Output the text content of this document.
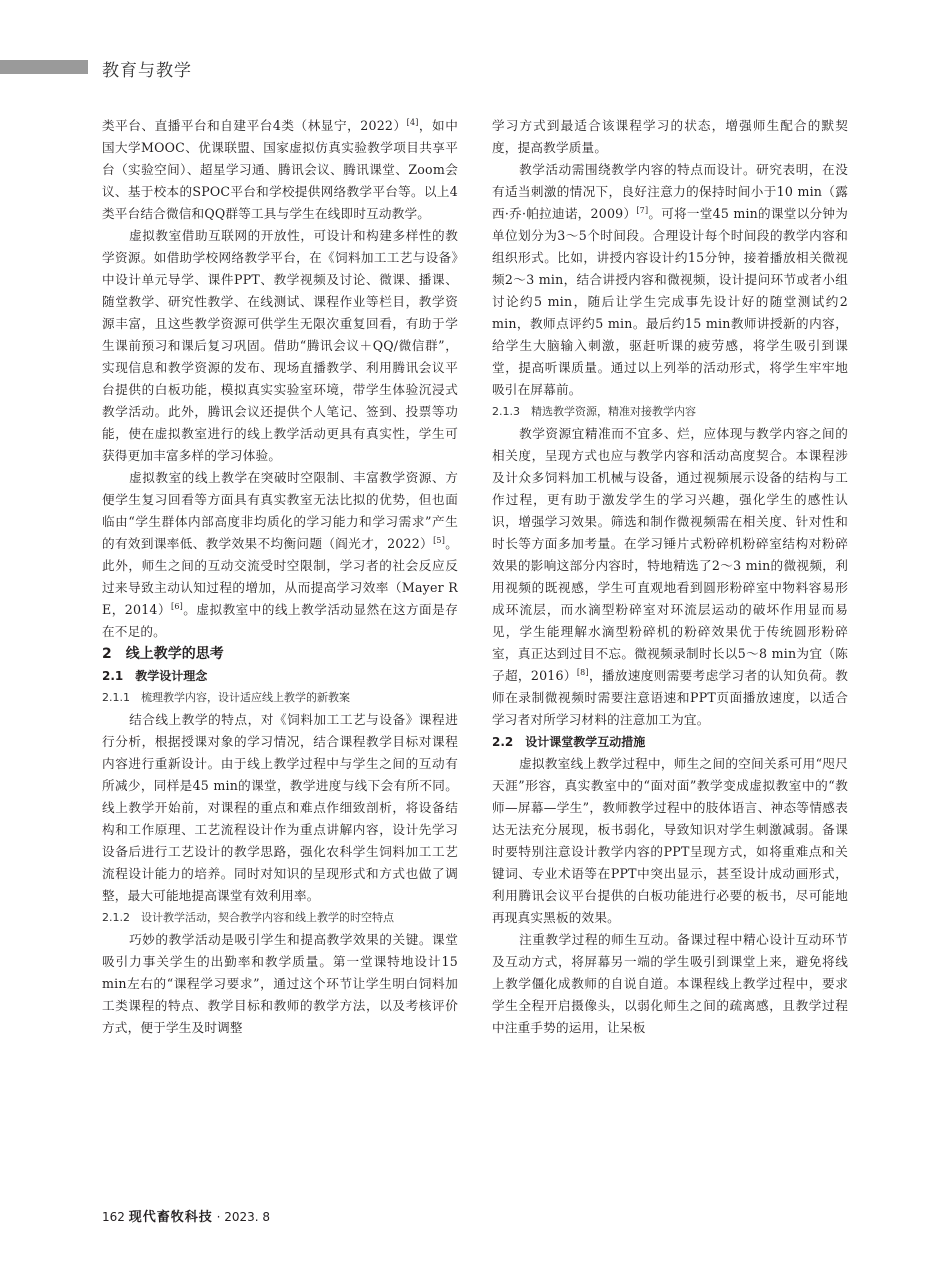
教育与教学

类平台、直播平台和自建平台4类（林显宁，2022）[4]，如中国大学MOOC、优课联盟、国家虚拟仿真实验教学项目共享平台（实验空间）、超星学习通、腾讯会议、腾讯课堂、Zoom会议、基于校本的SPOC平台和学校提供网络教学平台等。以上4类平台结合微信和QQ群等工具与学生在线即时互动教学。

虚拟教室借助互联网的开放性，可设计和构建多样性的教学资源。如借助学校网络教学平台，在《饲料加工工艺与设备》中设计单元导学、课件PPT、教学视频及讨论、微课、播课、随堂教学、研究性教学、在线测试、课程作业等栏目，教学资源丰富，且这些教学资源可供学生无限次重复回看，有助于学生课前预习和课后复习巩固。借助“腾讯会议＋QQ/微信群”，实现信息和教学资源的发布、现场直播教学、利用腾讯会议平台提供的白板功能，模拟真实实验室环境，带学生体验沉浸式教学活动。此外，腾讯会议还提供个人笔记、签到、投票等功能，使在虚拟教室进行的线上教学活动更具有真实性，学生可获得更加丰富多样的学习体验。

虚拟教室的线上教学在突破时空限制、丰富教学资源、方便学生复习回看等方面具有真实教室无法比拟的优势，但也面临由“学生群体内部高度非均质化的学习能力和学习需求”产生的有效到课率低、教学效果不均衡问题（阎光才，2022）[5]。此外，师生之间的互动交流受时空限制，学习者的社会反应反过来导致主动认知过程的增加，从而提高学习效率（Mayer R E，2014）[6]。虚拟教室中的线上教学活动显然在这方面是存在不足的。

2　线上教学的思考
2.1　教学设计理念
2.1.1　梳理教学内容，设计适应线上教学的新教案

结合线上教学的特点，对《饲料加工工艺与设备》课程进行分析，根据授课对象的学习情况，结合课程教学目标对课程内容进行重新设计。由于线上教学过程中与学生之间的互动有所减少，同样是45 min的课堂，教学进度与线下会有所不同。线上教学开始前，对课程的重点和难点作细致剖析，将设备结构和工作原理、工艺流程设计作为重点讲解内容，设计先学习设备后进行工艺设计的教学思路，强化农科学生饲料加工工艺流程设计能力的培养。同时对知识的呈现形式和方式也做了调整，最大可能地提高课堂有效利用率。

2.1.2　设计教学活动，契合教学内容和线上教学的时空特点

巧妙的教学活动是吸引学生和提高教学效果的关键。课堂吸引力事关学生的出勤率和教学质量。第一堂课特地设计15 min左右的“课程学习要求”，通过这个环节让学生明白饲料加工类课程的特点、教学目标和教师的教学方法，以及考核评价方式，便于学生及时调整

学习方式到最适合该课程学习的状态，增强师生配合的默契度，提高教学质量。

教学活动需围绕教学内容的特点而设计。研究表明，在没有适当刺激的情况下，良好注意力的保持时间小于10 min（露西·乔·帕拉迪诺，2009）[7]。可将一堂45 min的课堂以分钟为单位划分为3～5个时间段。合理设计每个时间段的教学内容和组织形式。比如，讲授内容设计约15分钟，接着播放相关微视频2～3 min，结合讲授内容和微视频，设计提问环节或者小组讨论约5 min，随后让学生完成事先设计好的随堂测试约2 min，教师点评约5 min。最后约15 min教师讲授新的内容，给学生大脑输入刺激，驱赶听课的疲劳感，将学生吸引到课堂，提高听课质量。通过以上列举的活动形式，将学生牢牢地吸引在屏幕前。

2.1.3　精选教学资源，精准对接教学内容

教学资源宜精准而不宜多、烂，应体现与教学内容之间的相关度，呈现方式也应与教学内容和活动高度契合。本课程涉及计众多饲料加工机械与设备，通过视频展示设备的结构与工作过程，更有助于激发学生的学习兴趣，强化学生的感性认识，增强学习效果。筛选和制作微视频需在相关度、针对性和时长等方面多加考量。在学习锤片式粉碎机粉碎室结构对粉碎效果的影响这部分内容时，特地精选了2～3 min的微视频，利用视频的既视感，学生可直观地看到圆形粉碎室中物料容易形成环流层，而水滴型粉碎室对环流层运动的破坏作用显而易见，学生能理解水滴型粉碎机的粉碎效果优于传统圆形粉碎室，真正达到过目不忘。微视频录制时长以5～8 min为宜（陈子超，2016）[8]，播放速度则需要考虑学习者的认知负荷。教师在录制微视频时需要注意语速和PPT页面播放速度，以适合学习者对所学习材料的注意加工为宜。

2.2　设计课堂教学互动措施

虚拟教室线上教学过程中，师生之间的空间关系可用“咫尺天涯”形容，真实教室中的“面对面”教学变成虚拟教室中的“教师—屏幕—学生”，教师教学过程中的肢体语言、神态等情感表达无法充分展现，板书弱化，导致知识对学生刺激减弱。备课时要特别注意设计教学内容的PPT呈现方式，如将重难点和关键词、专业术语等在PPT中突出显示，甚至设计成动画形式，利用腾讯会议平台提供的白板功能进行必要的板书，尽可能地再现真实黑板的效果。

注重教学过程的师生互动。备课过程中精心设计互动环节及互动方式，将屏幕另一端的学生吸引到课堂上来，避免将线上教学僵化成教师的自说自道。本课程线上教学过程中，要求学生全程开启摄像头，以弱化师生之间的疏离感，且教学过程中注重手势的运用，让呆板

162 现代畜牧科技 · 2023. 8
